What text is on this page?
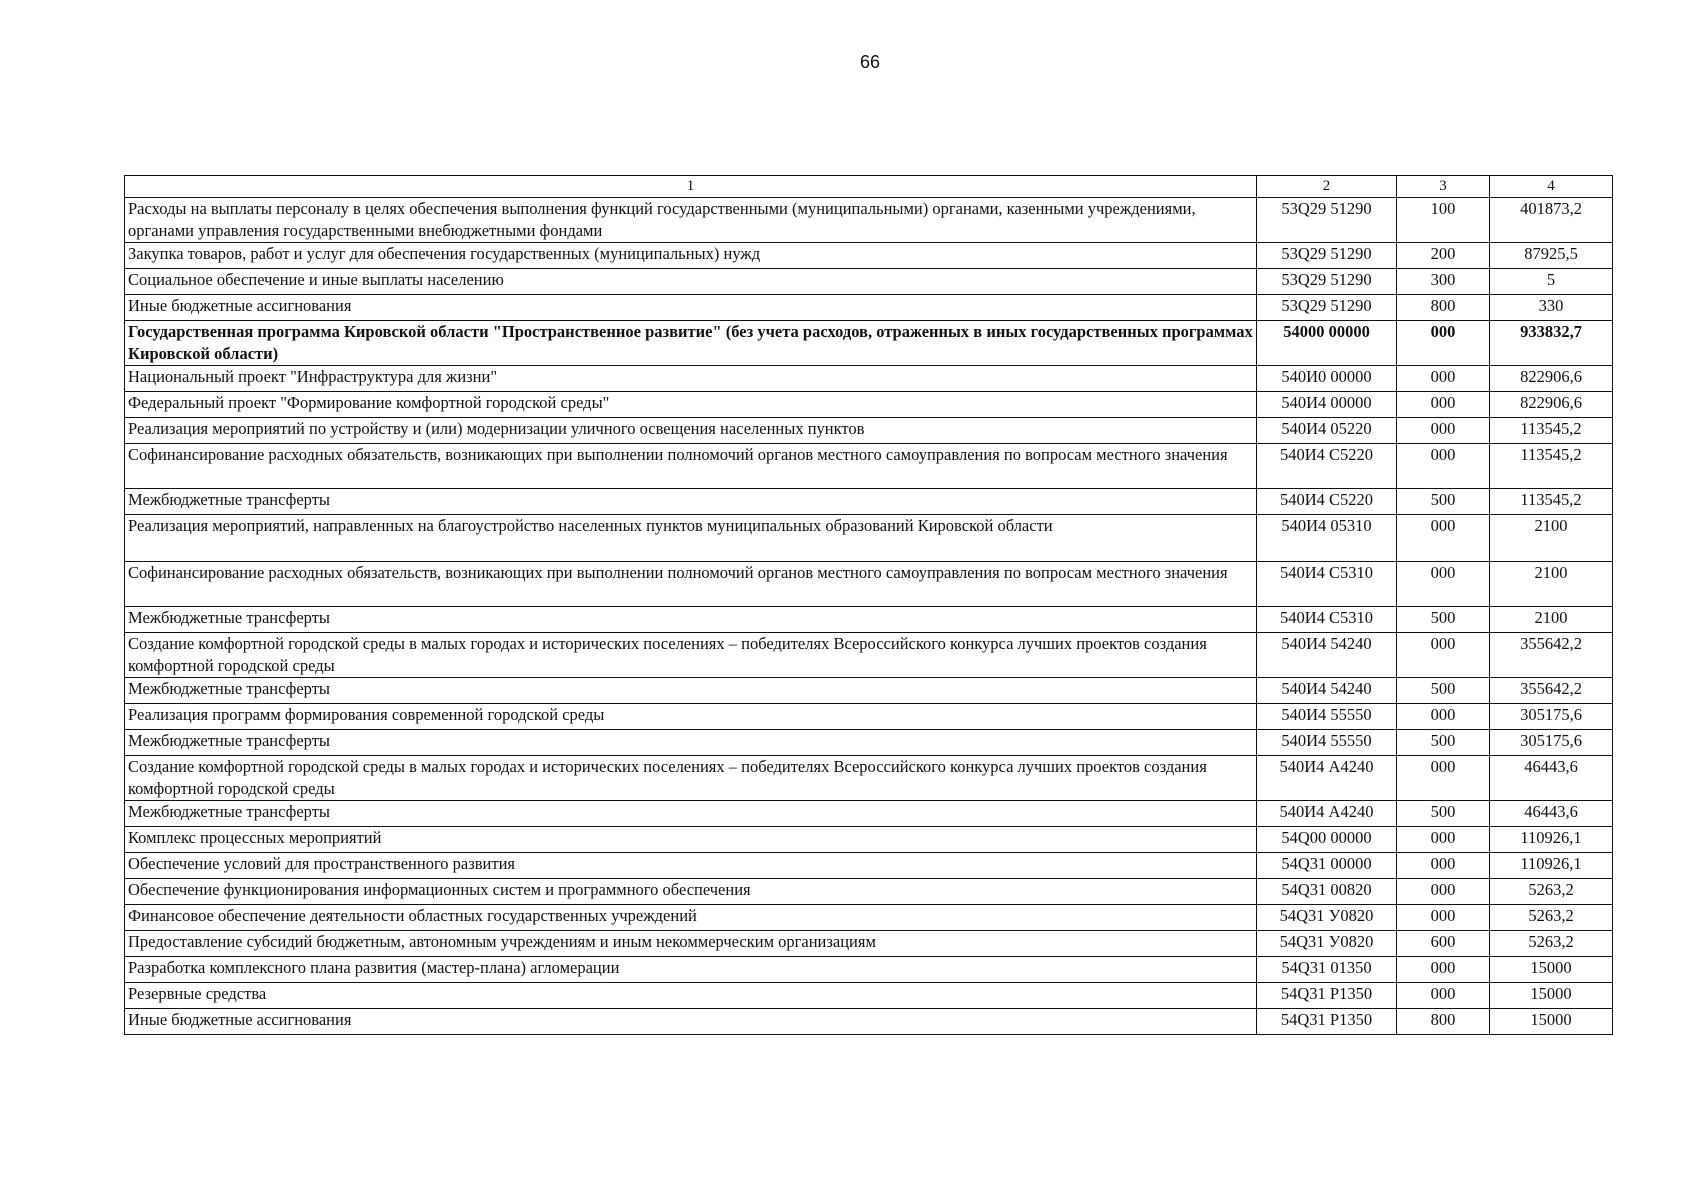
66
1	2	3	4
Расходы на выплаты персоналу в целях обеспечения выполнения функций государственными (муниципальными) органами, казенными учреждениями, органами управления государственными внебюджетными фондами	53Q29 51290	100	401873,2
Закупка товаров, работ и услуг для обеспечения государственных (муниципальных) нужд	53Q29 51290	200	87925,5
Социальное обеспечение и иные выплаты населению	53Q29 51290	300	5
Иные бюджетные ассигнования	53Q29 51290	800	330
Государственная программа Кировской области "Пространственное развитие" (без учета расходов, отраженных в иных государственных программах Кировской области)	54000 00000	000	933832,7
Национальный проект "Инфраструктура для жизни"	540И0 00000	000	822906,6
Федеральный проект "Формирование комфортной городской среды"	540И4 00000	000	822906,6
Реализация мероприятий по устройству и (или) модернизации уличного освещения населенных пунктов	540И4 05220	000	113545,2
Софинансирование расходных обязательств, возникающих при выполнении полномочий органов местного самоуправления по вопросам местного значения	540И4 С5220	000	113545,2
Межбюджетные трансферты	540И4 С5220	500	113545,2
Реализация мероприятий, направленных на благоустройство населенных пунктов муниципальных образований Кировской области	540И4 05310	000	2100
Софинансирование расходных обязательств, возникающих при выполнении полномочий органов местного самоуправления по вопросам местного значения	540И4 С5310	000	2100
Межбюджетные трансферты	540И4 С5310	500	2100
Создание комфортной городской среды в малых городах и исторических поселениях – победителях Всероссийского конкурса лучших проектов создания комфортной городской среды	540И4 54240	000	355642,2
Межбюджетные трансферты	540И4 54240	500	355642,2
Реализация программ формирования современной городской среды	540И4 55550	000	305175,6
Межбюджетные трансферты	540И4 55550	500	305175,6
Создание комфортной городской среды в малых городах и исторических поселениях – победителях Всероссийского конкурса лучших проектов создания комфортной городской среды	540И4 А4240	000	46443,6
Межбюджетные трансферты	540И4 А4240	500	46443,6
Комплекс процессных мероприятий	54Q00 00000	000	110926,1
Обеспечение условий для пространственного развития	54Q31 00000	000	110926,1
Обеспечение функционирования информационных систем и программного обеспечения	54Q31 00820	000	5263,2
Финансовое обеспечение деятельности областных государственных учреждений	54Q31 У0820	000	5263,2
Предоставление субсидий бюджетным, автономным учреждениям и иным некоммерческим организациям	54Q31 У0820	600	5263,2
Разработка комплексного плана развития (мастер-плана) агломерации	54Q31 01350	000	15000
Резервные средства	54Q31 Р1350	000	15000
Иные бюджетные ассигнования	54Q31 Р1350	800	15000
